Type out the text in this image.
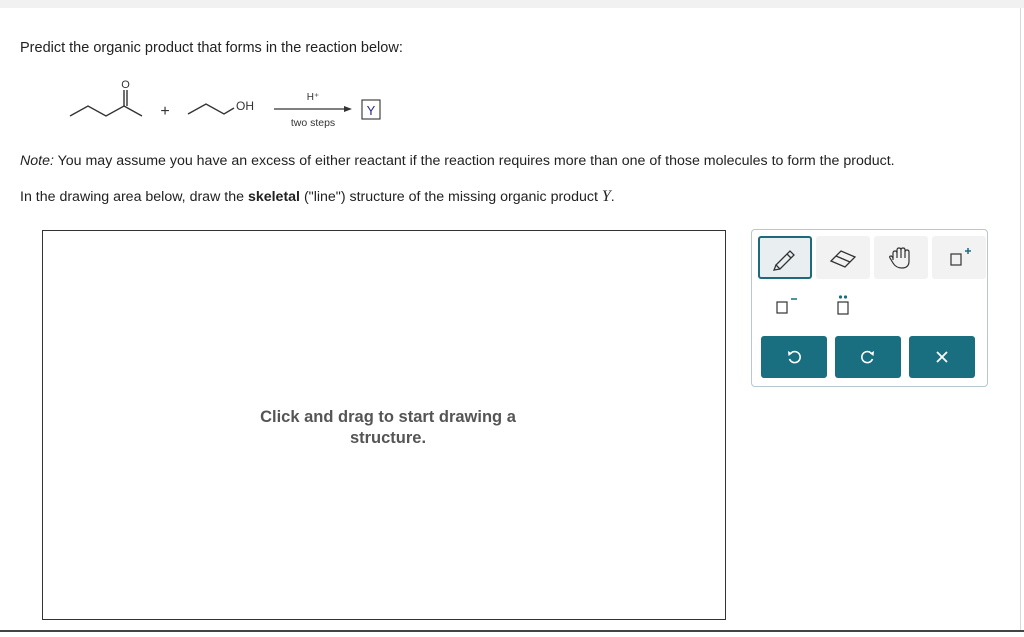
Predict the organic product that forms in the reaction below:
O
+	OH
H⁺
two steps
Y
Note: You may assume you have an excess of either reactant if the reaction requires more than one of those molecules to form the product.
In the drawing area below, draw the skeletal ("line") structure of the missing organic product Y.
Click and drag to start drawing a
structure.
